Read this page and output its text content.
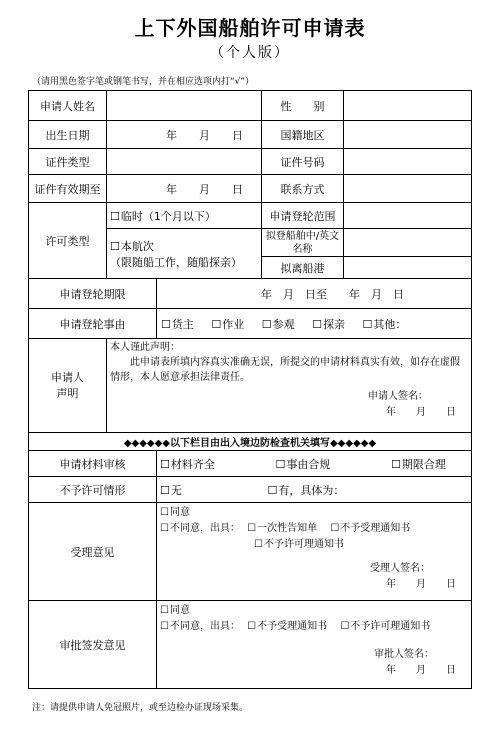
上下外国船舶许可申请表
（个人版）
（请用黑色签字笔或钢笔书写，并在相应选项内打“√”）
申请人姓名			性　　别	
出生日期	年　　月　　日		国籍地区	
证件类型			证件号码	
证件有效期至	年　　月　　日		联系方式	
许可类型	☐ 临时（1个月以下）		申请登轮范围	

☐ 本航次
（限随船工作，随船探亲）		拟登船舶中/英文名称	
			拟离船港	
申请登轮期限		年　月　日至　　年　月　日		
申请登轮事由	☐货主 ☐ 作业 ☐ 参观 ☐ 探亲 ☐ 其他：

申请人声明	本人谨此声明：
此申请表所填内容真实准确无误，所提交的申请材料真实有效，如存在虚假情形，本人愿意承担法律责任。
申请人签名：
年　　月　　日			

◆◆◆◆◆◆以下栏目由出入境边防检查机关填写◆◆◆◆◆◆				
申请材料审核	☐材料齐全 ☐ 事由合规 ☐ 期限合理
不予许可情形	☐无 ☐ 有，具体为：
受理意见	
☐ 同意
☐ 不同意，出具： ☐ 一次性告知单 ☐ 不予受理通知书
☐ 不予许可理通知书
受理人签名：
年　　月　　日

审批签发意见	
☐ 同意
☐ 不同意，出具： ☐ 不予受理通知书 ☐ 不予许可理通知书
审批人签名：
年　　月　　日
注：请提供申请人免冠照片，或至边检办证现场采集。
